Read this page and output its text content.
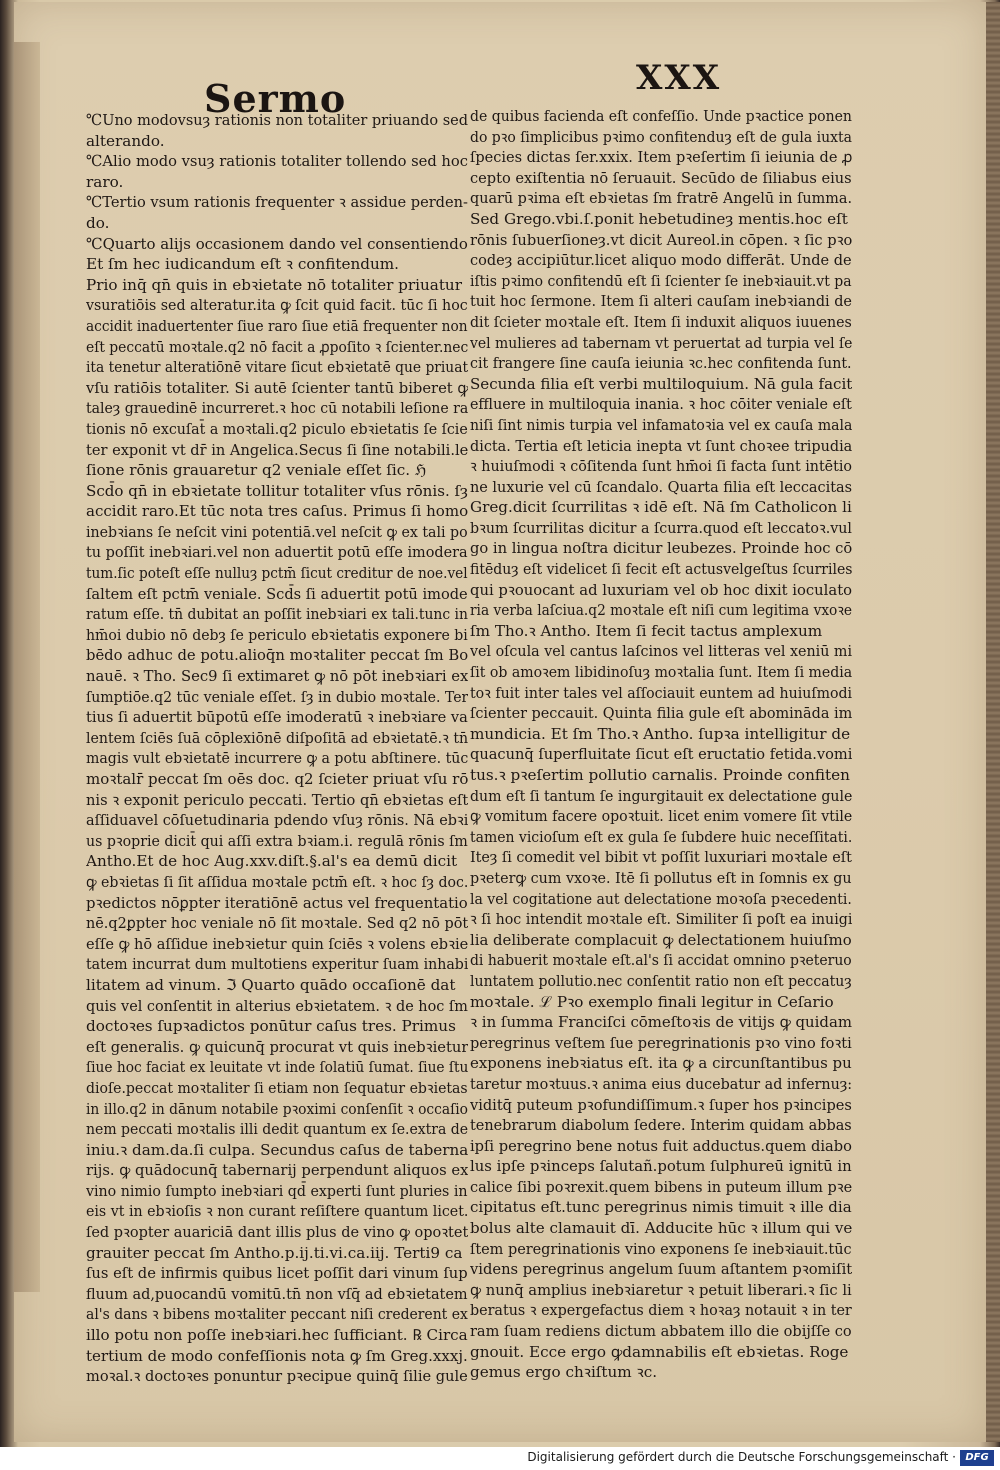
Sermo	XXX
℃Uno modovsuȝ rationis non totaliter priuando sed
alterando.
℃Alio modo vsuȝ rationis totaliter tollendo sed hoc
raro.
℃Tertio vsum rationis frequenter ꝛ assidue perden-
do.
℃Quarto alijs occasionem dando vel consentiendo
Et ſm hec iudicandum eſt ꝛ confitendum.
Prio inq̄ qn̄ quis in ebꝛietate nō totaliter priuatur
vsuratiōis sed alteratur.ita ꝙ ſcit quid facit. tūc ſi hoc
accidit inaduertenter ſiue raro ſiue etiā frequenter non
eſt peccatū moꝛtale.q2 nō facit a ꝓpoſito ꝛ ſcienter.nec
ita tenetur alteratiōnē vitare ſicut ebꝛietatē que priuat
vſu ratiōis totaliter. Si autē ſcienter tantū biberet ꝙ
taleȝ grauedinē incurreret.ꝛ hoc cū notabili leſione ra
tionis nō excuſat̄ a moꝛtali.q2 piculo ebꝛietatis ſe ſcie
ter exponit vt dr̄ in Angelica.Secus ſi ſine notabili.le
ſione rōnis grauaretur q2 veniale eſſet ſic. ℌ
Scd̄o qn̄ in ebꝛietate tollitur totaliter vſus rōnis. ſȝ
accidit raro.Et tūc nota tres caſus. Primus ſi homo
inebꝛians ſe neſcit vini potentiā.vel neſcit ꝙ ex tali po
tu poſſit inebꝛiari.vel non aduertit potū eſſe imodera
tum.ſic poteſt eſſe nulluȝ pctm̄ ſicut creditur de noe.vel
ſaltem eſt pctm̄ veniale. Scd̄s ſi aduertit potū imode
ratum eſſe. tn̄ dubitat an poſſit inebꝛiari ex tali.tunc in
hm̄oi dubio nō debȝ ſe periculo ebꝛietatis exponere bi
bēdo adhuc de potu.alioq̄n moꝛtaliter peccat ſm Bo
nauē. ꝛ Tho. Sec9 ſi extimaret ꝙ nō pōt inebꝛiari ex
ſumptiōe.q2 tūc veniale eſſet. ſȝ in dubio moꝛtale. Ter
tius ſi aduertit būpotū eſſe imoderatū ꝛ inebꝛiare va
lentem ſciēs ſuā cōplexiōnē diſpoſitā ad ebꝛietatē.ꝛ tn̄
magis vult ebꝛietatē incurrere ꝙ a potu abſtinere. tūc
moꝛtalr̄ peccat ſm oēs doc. q2 ſcieter priuat vſu rō
nis ꝛ exponit periculo peccati. Tertio qn̄ ebꝛietas eſt
aſſiduavel cōſuetudinaria pdendo vſuȝ rōnis. Nā ebꝛi
us pꝛoprie dicit̄ qui aſſi extra bꝛiam.i. regulā rōnis ſm
Antho.Et de hoc Aug.xxv.diſt.§.al's ea demū dicit
ꝙ ebꝛietas ſi ſit aſſidua moꝛtale pctm̄ eſt. ꝛ hoc ſȝ doc.
pꝛedictos nōꝑpter iteratiōnē actus vel frequentatio
nē.q2ꝑpter hoc veniale nō ſit moꝛtale. Sed q2 nō pōt
eſſe ꝙ hō aſſidue inebꝛietur quin ſciēs ꝛ volens ebꝛie
tatem incurrat dum multotiens experitur ſuam inhabi
litatem ad vinum. ℑ Quarto quādo occaſionē dat
quis vel conſentit in alterius ebꝛietatem. ꝛ de hoc ſm
doctoꝛes ſupꝛadictos ponūtur caſus tres. Primus
eſt generalis. ꝙ quicunq̄ procurat vt quis inebꝛietur
ſiue hoc faciat ex leuitate vt inde ſolatiū ſumat. ſiue ſtu
dioſe.peccat moꝛtaliter ſi etiam non ſequatur ebꝛietas
in illo.q2 in dānum notabile pꝛoximi conſenſit ꝛ occaſio
nem peccati moꝛtalis illi dedit quantum ex ſe.extra de
iniu.ꝛ dam.da.ſi culpa. Secundus caſus de taberna
rijs. ꝙ quādocunq̄ tabernarij perpendunt aliquos ex
vino nimio ſumpto inebꝛiari qd̄ experti ſunt pluries in
eis vt in ebꝛioſis ꝛ non curant reſiſtere quantum licet.
ſed pꝛopter auariciā dant illis plus de vino ꝙ opoꝛtet
grauiter peccat ſm Antho.p.ij.ti.vi.ca.iij. Terti9 ca
ſus eſt de infirmis quibus licet poſſit dari vinum ſup
fluum ad,puocandū vomitū.tn̄ non vſq̄ ad ebꝛietatem
al's dans ꝛ bibens moꝛtaliter peccant niſi crederent ex
illo potu non poſſe inebꝛiari.hec ſufficiant. ℞ Circa
tertium de modo confeſſionis nota ꝙ ſm Greg.xxxj.
moꝛal.ꝛ doctoꝛes ponuntur pꝛecipue quinq̄ ſilie gule
de quibus facienda eſt confeſſio. Unde pꝛactice ponen
do pꝛo ſimplicibus pꝛimo confitenduȝ eſt de gula iuxta
ſpecies dictas ſer.xxix. Item pꝛeſertim ſi ieiunia de ꝓ
cepto exiſtentia nō ſeruauit. Secūdo de ſiliabus eius
quarū pꝛima eſt ebꝛietas ſm fratrē Angelū in ſumma.
Sed Grego.vbi.ſ.ponit hebetudineȝ mentis.hoc eſt
rōnis ſubuerſioneȝ.vt dicit Aureol.in cōpen. ꝛ ſic pꝛo
codeȝ accipiūtur.licet aliquo modo differāt. Unde de
iſtis pꝛimo confitendū eſt ſi ſcienter ſe inebꝛiauit.vt pa
tuit hoc ſermone. Item ſi alteri cauſam inebꝛiandi de
dit ſcieter moꝛtale eſt. Item ſi induxit aliquos iuuenes
vel mulieres ad tabernam vt peruertat ad turpia vel ſe
cit frangere ſine cauſa ieiunia ꝛc.hec confitenda ſunt.
Secunda filia eſt verbi multiloquium. Nā gula facit
effluere in multiloquia inania. ꝛ hoc cōiter veniale eſt
niſi ſint nimis turpia vel infamatoꝛia vel ex cauſa mala
dicta. Tertia eſt leticia inepta vt ſunt choꝛee tripudia
ꝛ huiuſmodi ꝛ cōſitenda ſunt hm̄oi ſi facta ſunt intētio
ne luxurie vel cū ſcandalo. Quarta filia eſt leccacitas
Greg.dicit ſcurrilitas ꝛ idē eſt. Nā ſm Catholicon li
bꝛum ſcurrilitas dicitur a ſcurra.quod eſt leccatoꝛ.vul
go in lingua noſtra dicitur leubezes. Proinde hoc cō
fitēduȝ eſt videlicet ſi fecit eſt actusvelgeſtus ſcurriles
qui pꝛouocant ad luxuriam vel ob hoc dixit ioculato
ria verba laſciua.q2 moꝛtale eſt niſi cum legitima vxoꝛe
ſm Tho.ꝛ Antho. Item ſi fecit tactus amplexum
vel oſcula vel cantus laſcinos vel litteras vel xeniū mi
ſit ob amoꝛem libidinoſuȝ moꝛtalia ſunt. Item ſi media
toꝛ fuit inter tales vel aſſociauit euntem ad huiuſmodi
ſcienter peccauit. Quinta filia gule eſt abomināda im
mundicia. Et ſm Tho.ꝛ Antho. ſupꝛa intelligitur de
quacunq̄ ſuperfluitate ſicut eſt eructatio fetida.vomi
tus.ꝛ pꝛeſertim pollutio carnalis. Proinde confiten
dum eſt ſi tantum ſe ingurgitauit ex delectatione gule
ꝙ vomitum facere opoꝛtuit. licet enim vomere ſit vtile
tamen vicioſum eſt ex gula ſe ſubdere huic neceſſitati.
Iteȝ ſi comedit vel bibit vt poſſit luxuriari moꝛtale eſt
pꝛeterꝙ cum vxoꝛe. Itē ſi pollutus eſt in ſomnis ex gu
la vel cogitatione aut delectatione moꝛoſa pꝛecedenti.
ꝛ ſi hoc intendit moꝛtale eſt. Similiter ſi poſt ea inuigi
lia deliberate complacuit ꝙ delectationem huiuſmo
di habuerit moꝛtale eſt.al's ſi accidat omnino pꝛeteruo
luntatem pollutio.nec conſentit ratio non eſt peccatuȝ
moꝛtale. ℒ Pꝛo exemplo finali legitur in Ceſario
ꝛ in ſumma Franciſci cōmeſtoꝛis de vitijs ꝙ quidam
peregrinus veſtem ſue peregrinationis pꝛo vino foꝛti
exponens inebꝛiatus eſt. ita ꝙ a circunſtantibus pu
taretur moꝛtuus.ꝛ anima eius ducebatur ad infernuȝ:
viditq̄ puteum pꝛofundiſſimum.ꝛ ſuper hos pꝛincipes
tenebrarum diabolum ſedere. Interim quidam abbas
ipſi peregrino bene notus fuit adductus.quem diabo
lus ipſe pꝛinceps ſalutañ.potum ſulphureū ignitū in
calice ſibi poꝛrexit.quem bibens in puteum illum pꝛe
cipitatus eſt.tunc peregrinus nimis timuit ꝛ ille dia
bolus alte clamauit dī. Adducite hūc ꝛ illum qui ve
ſtem peregrinationis vino exponens ſe inebꝛiauit.tūc
videns peregrinus angelum ſuum aſtantem pꝛomiſit
ꝙ nunq̄ amplius inebꝛiaretur ꝛ petuit liberari.ꝛ ſic li
beratus ꝛ expergefactus diem ꝛ hoꝛaȝ notauit ꝛ in ter
ram ſuam rediens dictum abbatem illo die obijſſe co
gnouit. Ecce ergo ꝙdamnabilis eſt ebꝛietas. Roge
gemus ergo chꝛiſtum ꝛc.
Digitalisierung gefördert durch die Deutsche Forschungsgemeinschaft · DFG
